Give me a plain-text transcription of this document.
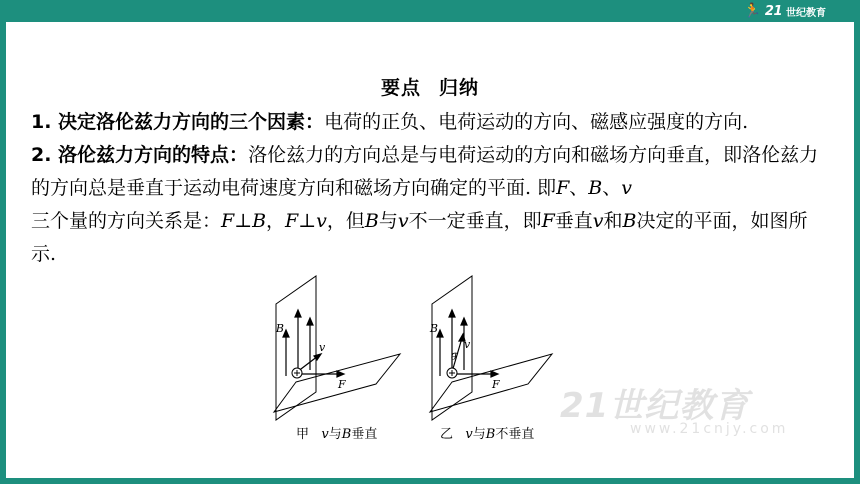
🏃 21 世纪教育
要点 归纳

1. 决定洛伦兹力方向的三个因素：电荷的正负、电荷运动的方向、磁感应强度的方向.

2. 洛伦兹力方向的特点：洛伦兹力的方向总是与电荷运动的方向和磁场方向垂直，即洛伦兹力的方向总是垂直于运动电荷速度方向和磁场方向确定的平面. 即F、B、v
三个量的方向关系是：F⊥B，F⊥v，但B与v不一定垂直，即F垂直v和B决定的平面，如图所示.

B
v
F
甲 v与B垂直
B
v
θ
F
乙 v与B不垂直
21世纪教育
www.21cnjy.com
